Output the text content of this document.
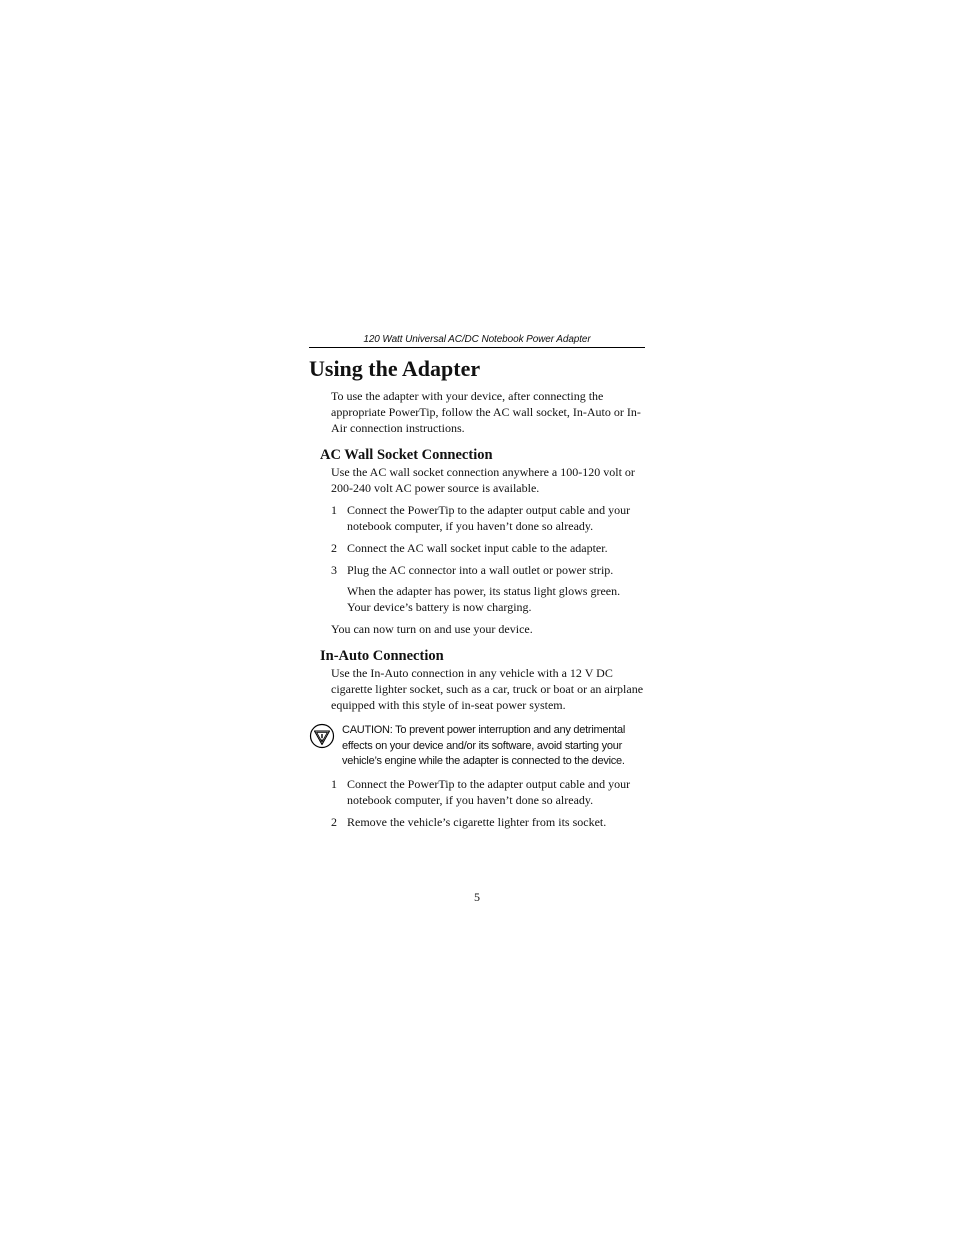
120 Watt Universal AC/DC Notebook Power Adapter
Using the Adapter

To use the adapter with your device, after connecting the appropriate PowerTip, follow the AC wall socket, In-Auto or In-Air connection instructions.

AC Wall Socket Connection

Use the AC wall socket connection anywhere a 100-120 volt or 200-240 volt AC power source is available.

1 Connect the PowerTip to the adapter output cable and your notebook computer, if you haven’t done so already.
2 Connect the AC wall socket input cable to the adapter.
3 Plug the AC connector into a wall outlet or power strip.

When the adapter has power, its status light glows green. Your device’s battery is now charging.

You can now turn on and use your device.

In-Auto Connection

Use the In-Auto connection in any vehicle with a 12 V DC cigarette lighter socket, such as a car, truck or boat or an airplane equipped with this style of in-seat power system.

CAUTION: To prevent power interruption and any detrimental effects on your device and/or its software, avoid starting your vehicle’s engine while the adapter is connected to the device.
1 Connect the PowerTip to the adapter output cable and your notebook computer, if you haven’t done so already.
2 Remove the vehicle’s cigarette lighter from its socket.
5
